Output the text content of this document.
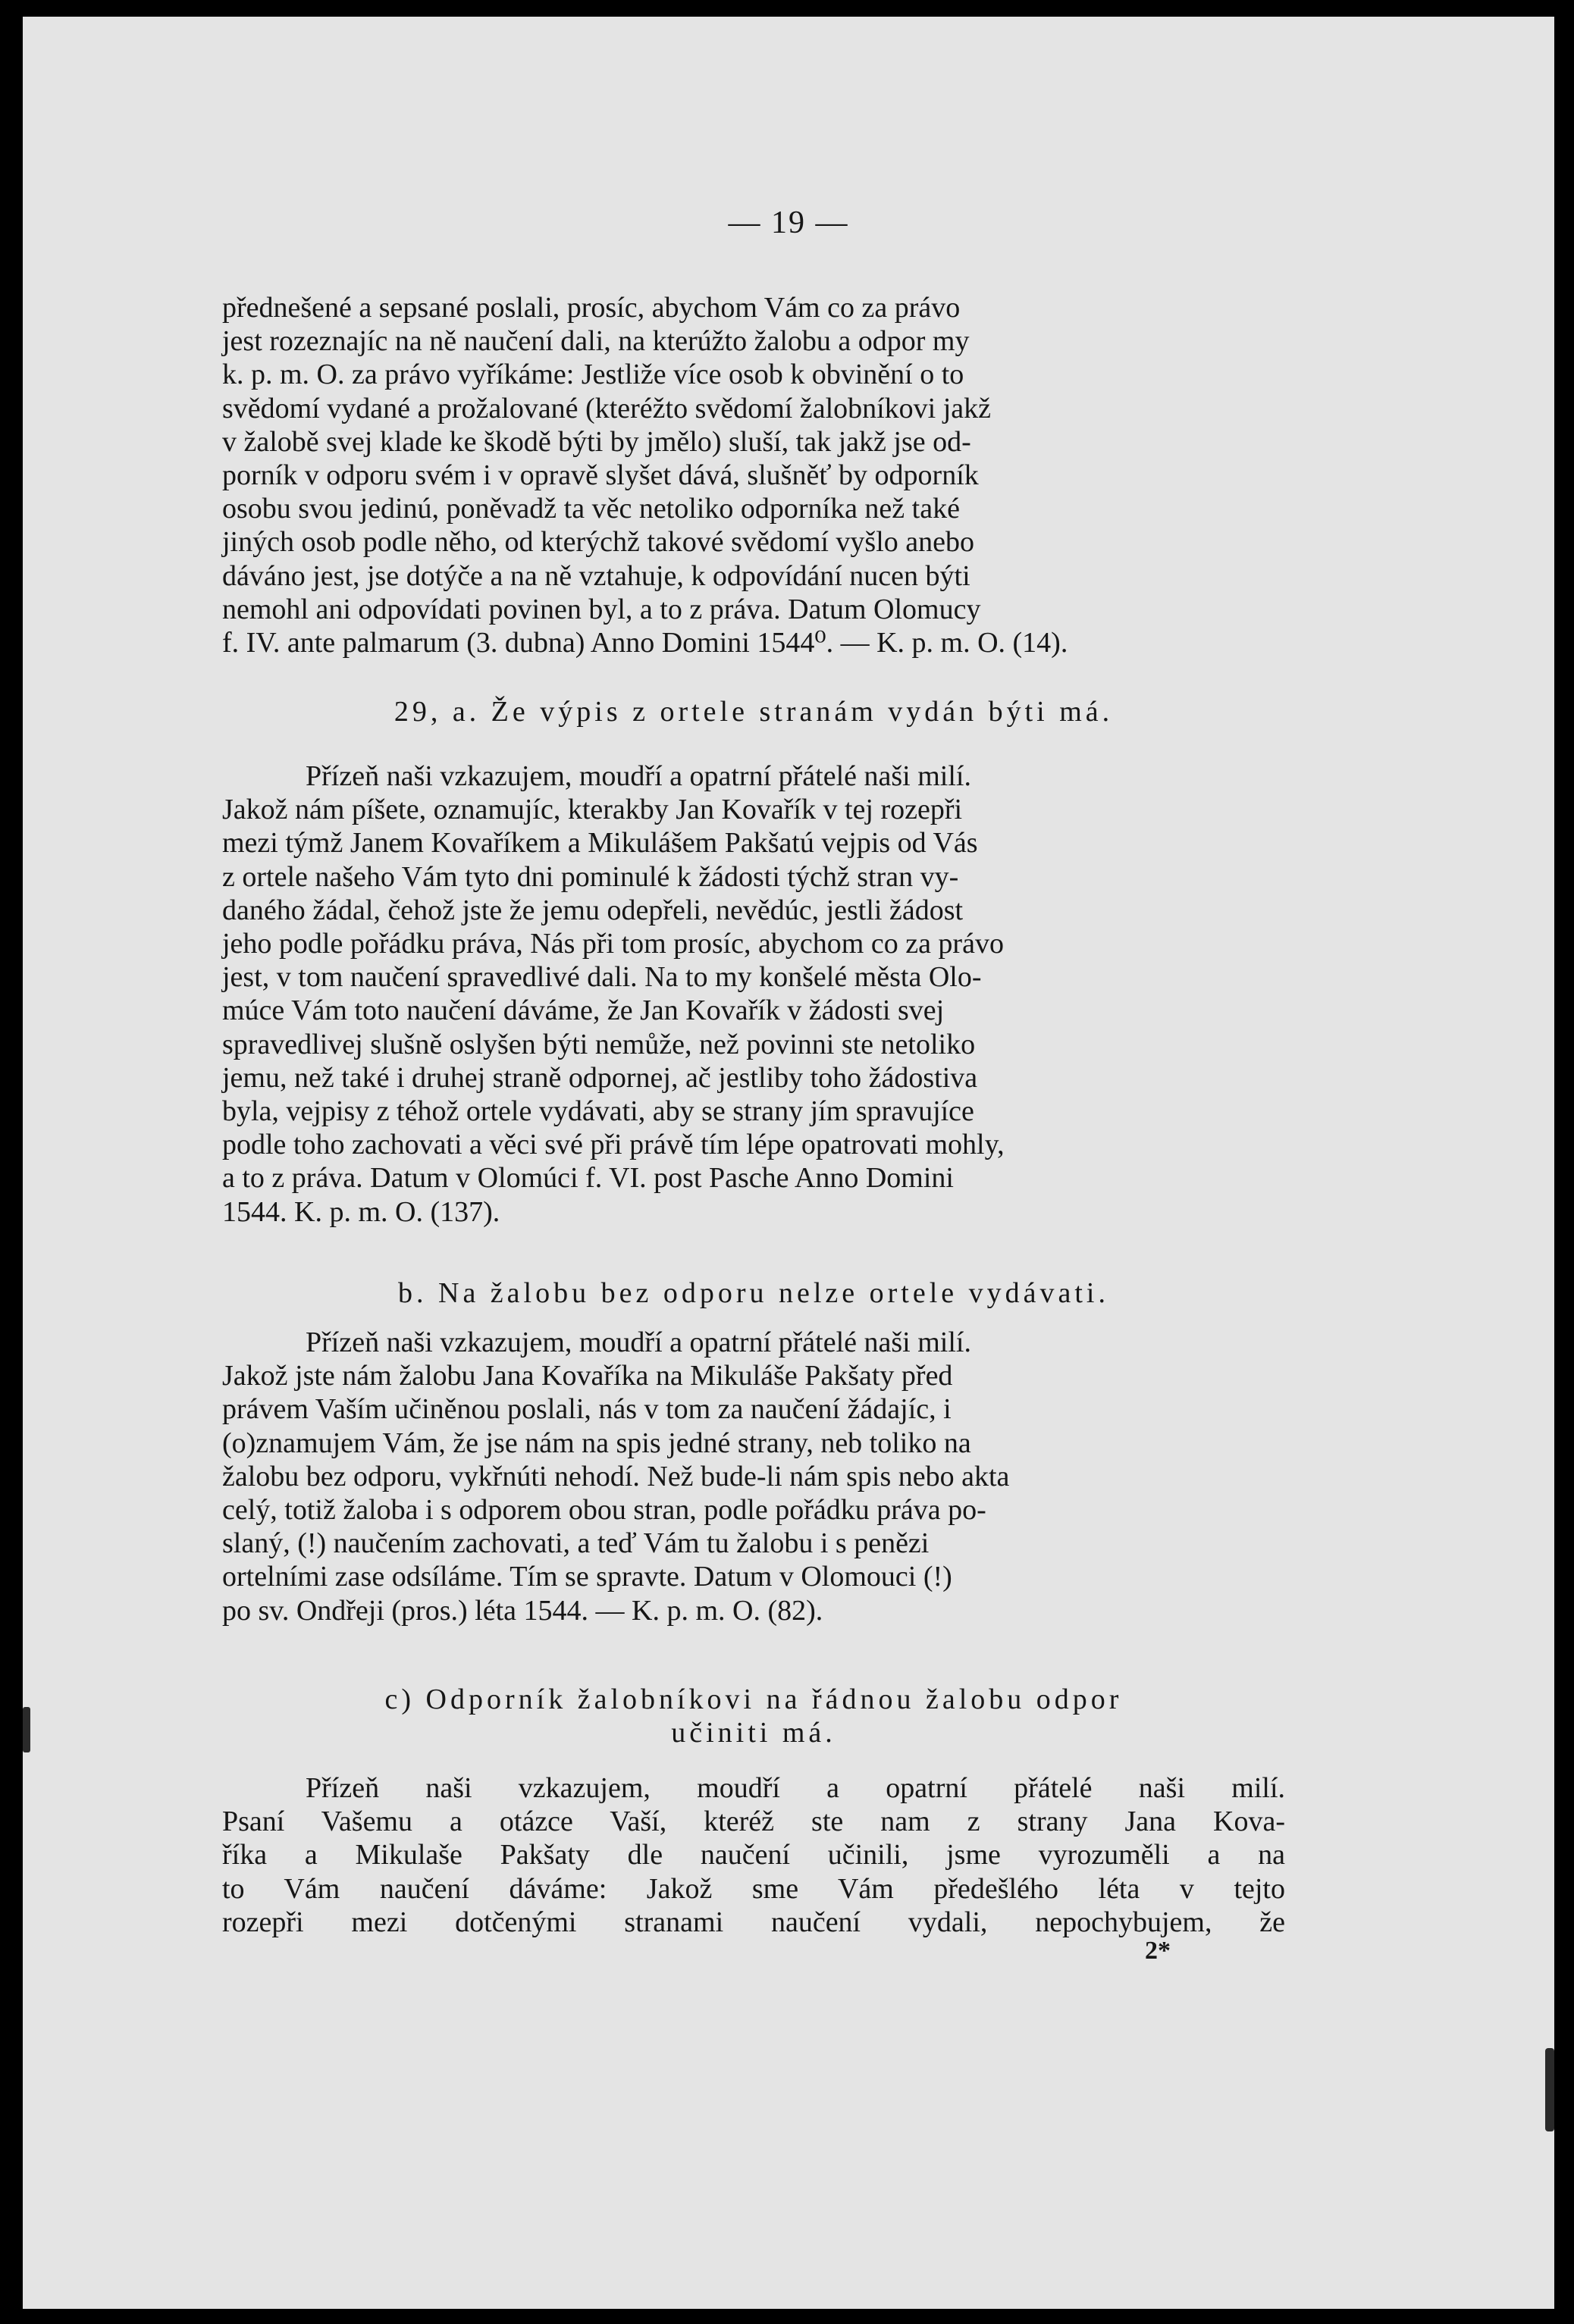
— 19 —
přednešené a sepsané poslali, prosíc, abychom Vám co za právo
jest rozeznajíc na ně naučení dali, na kterúžto žalobu a odpor my
k. p. m. O. za právo vyříkáme: Jestliže více osob k obvinění o to
svědomí vydané a prožalované (kteréžto svědomí žalobníkovi jakž
v žalobě svej klade ke škodě býti by jmělo) sluší, tak jakž jse od-
porník v odporu svém i v opravě slyšet dává, slušněť by odporník
osobu svou jedinú, poněvadž ta věc netoliko odporníka než také
jiných osob podle něho, od kterýchž takové svědomí vyšlo anebo
dáváno jest, jse dotýče a na ně vztahuje, k odpovídání nucen býti
nemohl ani odpovídati povinen byl, a to z práva. Datum Olomucy
f. IV. ante palmarum (3. dubna) Anno Domini 1544⁰. — K. p. m. O. (14).
29, a. Že výpis z ortele stranám vydán býti má.
Přízeň naši vzkazujem, moudří a opatrní přátelé naši milí.
Jakož nám píšete, oznamujíc, kterakby Jan Kovařík v tej rozepři
mezi týmž Janem Kovaříkem a Mikulášem Pakšatú vejpis od Vás
z ortele našeho Vám tyto dni pominulé k žádosti týchž stran vy-
daného žádal, čehož jste že jemu odepřeli, nevědúc, jestli žádost
jeho podle pořádku práva, Nás při tom prosíc, abychom co za právo
jest, v tom naučení spravedlivé dali. Na to my konšelé města Olo-
múce Vám toto naučení dáváme, že Jan Kovařík v žádosti svej
spravedlivej slušně oslyšen býti nemůže, než povinni ste netoliko
jemu, než také i druhej straně odpornej, ač jestliby toho žádostiva
byla, vejpisy z téhož ortele vydávati, aby se strany jím spravujíce
podle toho zachovati a věci své při právě tím lépe opatrovati mohly,
a to z práva. Datum v Olomúci f. VI. post Pasche Anno Domini
1544. K. p. m. O. (137).
b. Na žalobu bez odporu nelze ortele vydávati.
Přízeň naši vzkazujem, moudří a opatrní přátelé naši milí.
Jakož jste nám žalobu Jana Kovaříka na Mikuláše Pakšaty před
právem Vaším učiněnou poslali, nás v tom za naučení žádajíc, i
(o)znamujem Vám, že jse nám na spis jedné strany, neb toliko na
žalobu bez odporu, vykřnúti nehodí. Než bude-li nám spis nebo akta
celý, totiž žaloba i s odporem obou stran, podle pořádku práva po-
slaný, (!) naučením zachovati, a teď Vám tu žalobu i s penězi
ortelními zase odsíláme. Tím se spravte. Datum v Olomouci (!)
po sv. Ondřeji (pros.) léta 1544. — K. p. m. O. (82).
c) Odporník žalobníkovi na řádnou žalobu odpor
učiniti má.
Přízeň naši vzkazujem, moudří a opatrní přátelé naši milí.
Psaní Vašemu a otázce Vaší, kteréž ste nam z strany Jana Kova-
říka a Mikulaše Pakšaty dle naučení učinili, jsme vyrozuměli a na
to Vám naučení dáváme: Jakož sme Vám předešlého léta v tejto
rozepři mezi dotčenými stranami naučení vydali, nepochybujem, že
2*
